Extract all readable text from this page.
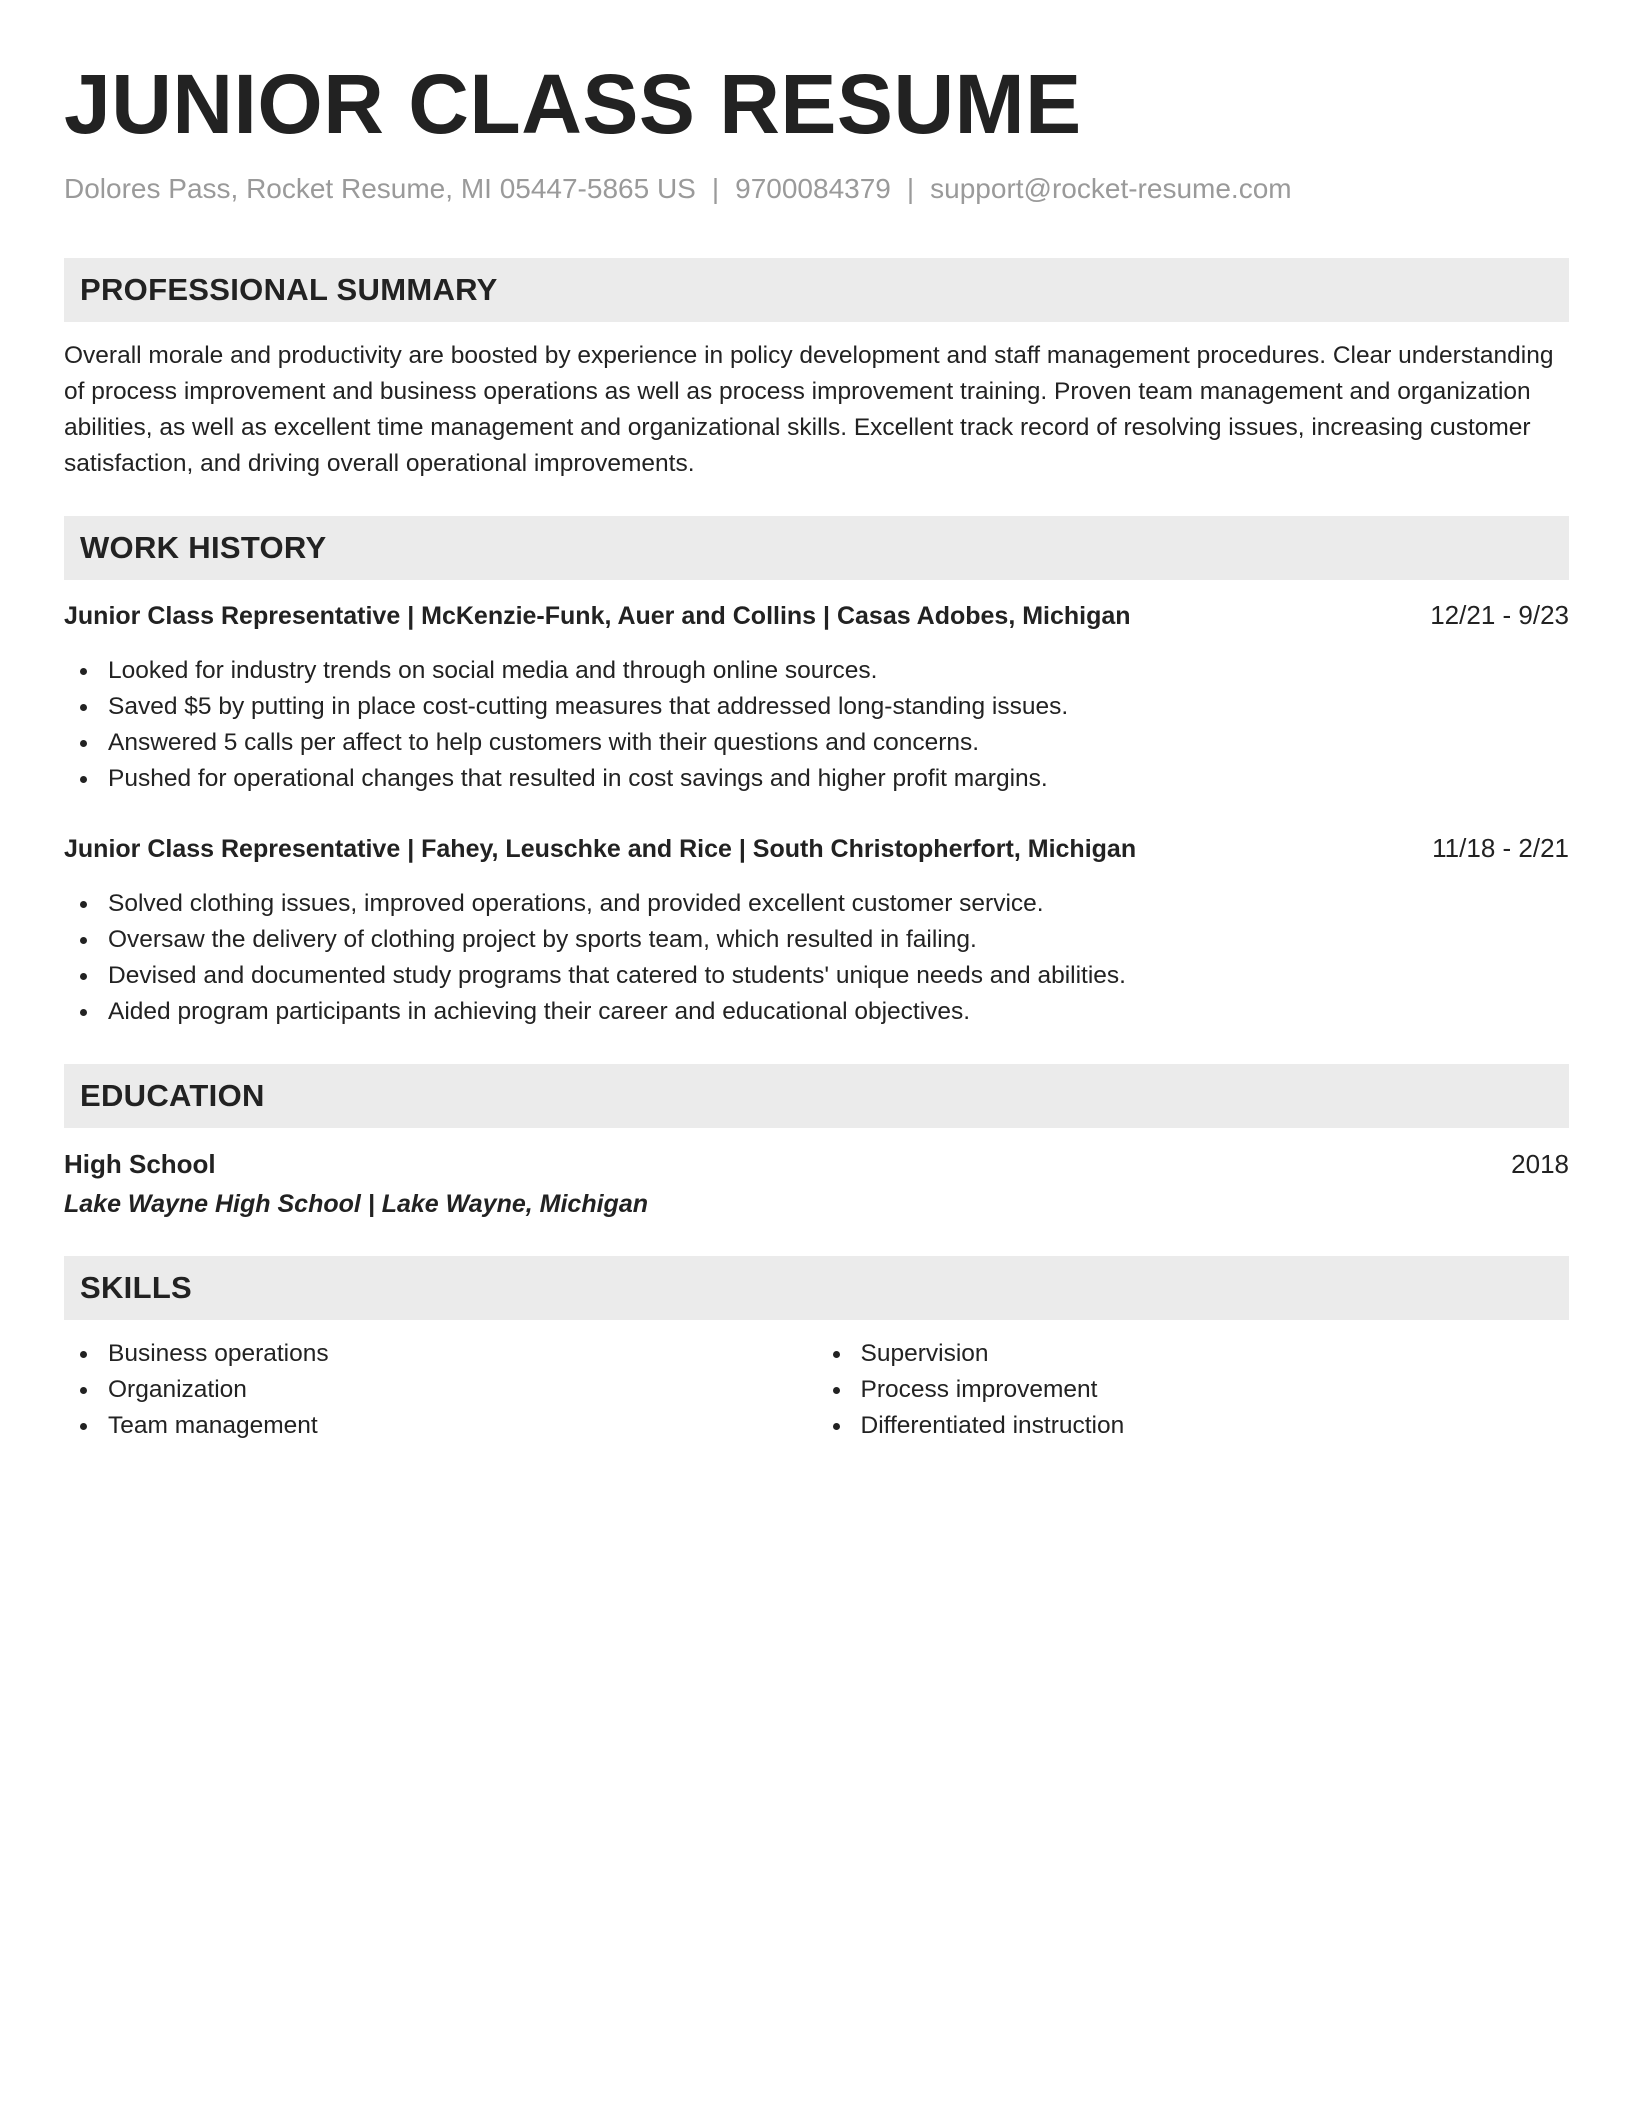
JUNIOR CLASS RESUME
Dolores Pass, Rocket Resume, MI 05447-5865 US | 9700084379 | support@rocket-resume.com
PROFESSIONAL SUMMARY

Overall morale and productivity are boosted by experience in policy development and staff management procedures. Clear understanding of process improvement and business operations as well as process improvement training. Proven team management and organization abilities, as well as excellent time management and organizational skills. Excellent track record of resolving issues, increasing customer satisfaction, and driving overall operational improvements.

WORK HISTORY
Junior Class Representative | McKenzie-Funk, Auer and Collins | Casas Adobes, Michigan	12/21 - 9/23
Looked for industry trends on social media and through online sources.
Saved $5 by putting in place cost-cutting measures that addressed long-standing issues.
Answered 5 calls per affect to help customers with their questions and concerns.
Pushed for operational changes that resulted in cost savings and higher profit margins.
Junior Class Representative | Fahey, Leuschke and Rice | South Christopherfort, Michigan	11/18 - 2/21
Solved clothing issues, improved operations, and provided excellent customer service.
Oversaw the delivery of clothing project by sports team, which resulted in failing.
Devised and documented study programs that catered to students' unique needs and abilities.
Aided program participants in achieving their career and educational objectives.
EDUCATION
High School	2018
Lake Wayne High School | Lake Wayne, Michigan
SKILLS
Business operations
Organization
Team management
Supervision
Process improvement
Differentiated instruction
